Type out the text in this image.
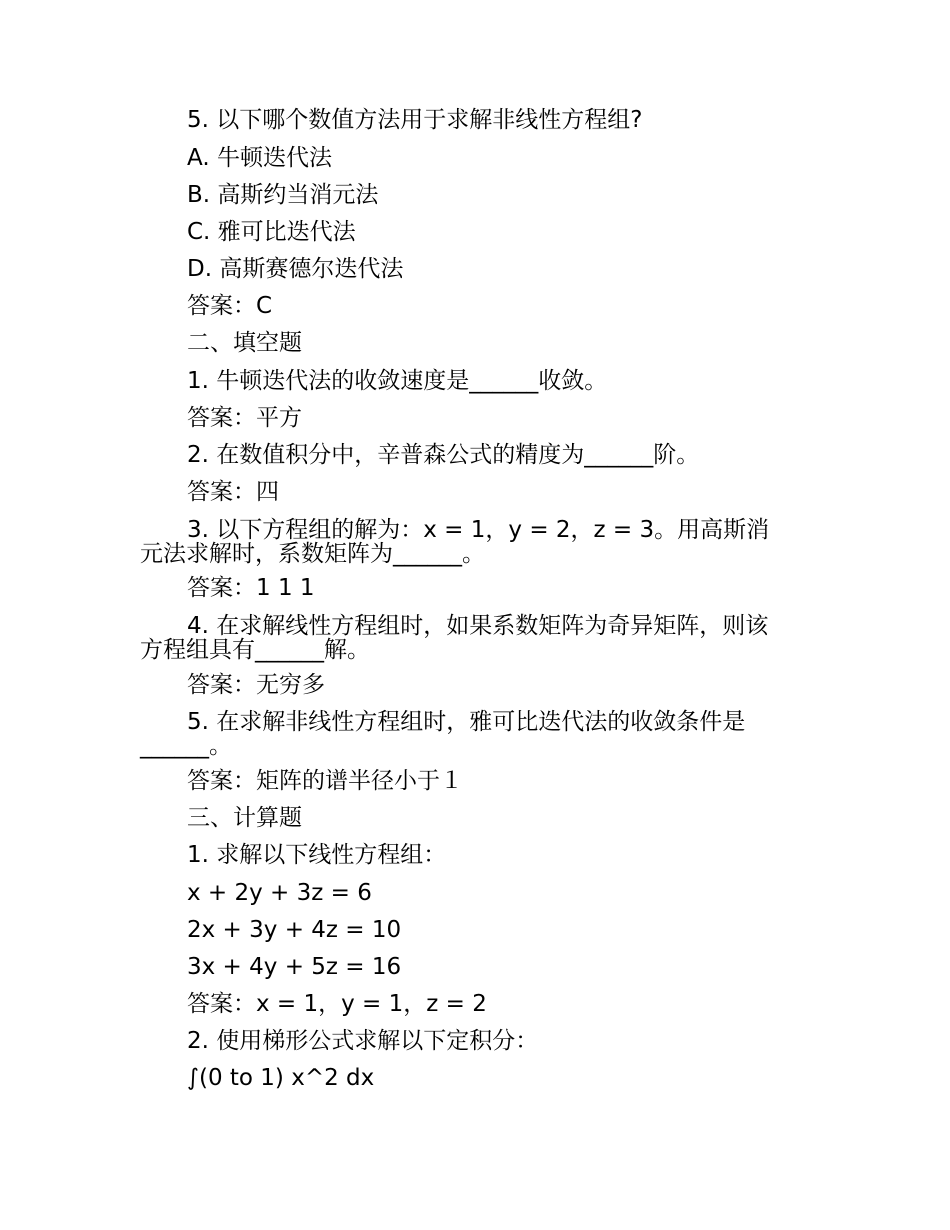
5. 以下哪个数值方法用于求解非线性方程组?
A. 牛顿迭代法
B. 高斯约当消元法
C. 雅可比迭代法
D. 高斯赛德尔迭代法
答案：C
二、填空题
1. 牛顿迭代法的收敛速度是______收敛。
答案：平方
2. 在数值积分中，辛普森公式的精度为______阶。
答案：四
3. 以下方程组的解为：x = 1，y = 2，z = 3。用高斯消
元法求解时，系数矩阵为______。
答案：1 1 1
4. 在求解线性方程组时，如果系数矩阵为奇异矩阵，则该
方程组具有______解。
答案：无穷多
5. 在求解非线性方程组时，雅可比迭代法的收敛条件是
______。
答案：矩阵的谱半径小于１
三、计算题
1. 求解以下线性方程组：
x + 2y + 3z = 6
2x + 3y + 4z = 10
3x + 4y + 5z = 16
答案：x = 1，y = 1，z = 2
2. 使用梯形公式求解以下定积分：
∫(0 to 1) x^2 dx
